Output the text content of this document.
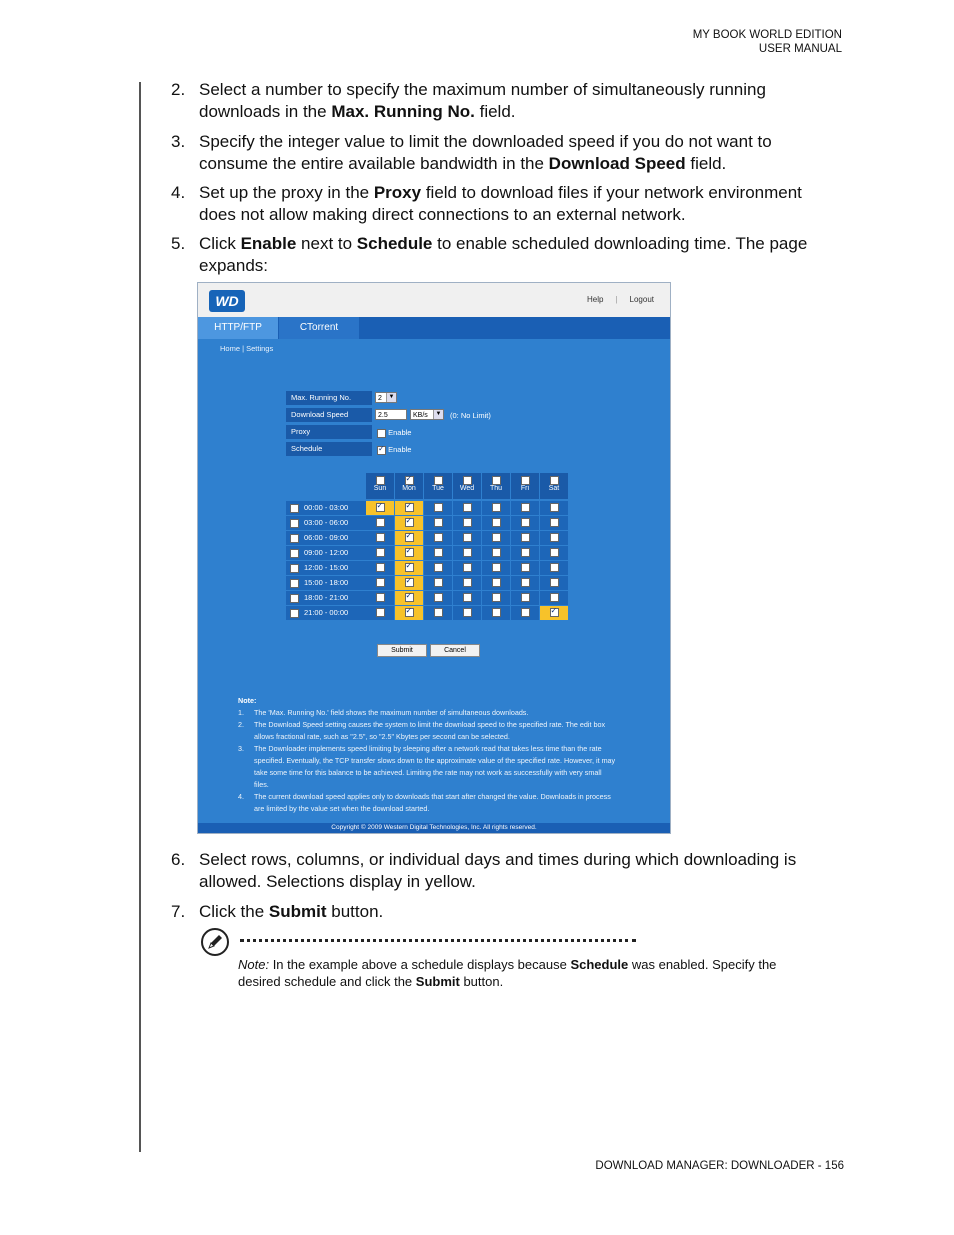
MY BOOK WORLD EDITION
USER MANUAL
2. Select a number to specify the maximum number of simultaneously running downloads in the Max. Running No. field.
3. Specify the integer value to limit the downloaded speed if you do not want to consume the entire available bandwidth in the Download Speed field.
4. Set up the proxy in the Proxy field to download files if your network environment does not allow making direct connections to an external network.
5. Click Enable next to Schedule to enable scheduled downloading time. The page expands:
WD	Help | Logout
HTTP/FTP	CTorrent
Home | Settings
Max. Running No.	2	▼
Download Speed	2.5	KB/s	▼ (0: No Limit)
Proxy	Enable
Schedule
✓	Enable
Sun
✓	Mon	Tue	Wed	Thu	Fri	Sat
00:00 - 03:00
✓
✓
03:00 - 06:00
✓
06:00 - 09:00
✓
09:00 - 12:00
✓
12:00 - 15:00
✓
15:00 - 18:00
✓
18:00 - 21:00
✓
21:00 - 00:00
✓
✓
Submit	Cancel
Note:
1. The 'Max. Running No.' field shows the maximum number of simultaneous downloads.
2. The Download Speed setting causes the system to limit the download speed to the specified rate. The edit box allows fractional rate, such as "2.5", so "2.5" Kbytes per second can be selected.
3. The Downloader implements speed limiting by sleeping after a network read that takes less time than the rate specified. Eventually, the TCP transfer slows down to the approximate value of the specified rate. However, it may take some time for this balance to be achieved. Limiting the rate may not work as successfully with very small files.
4. The current download speed applies only to downloads that start after changed the value. Downloads in process are limited by the value set when the download started.
Copyright © 2009 Western Digital Technologies, Inc. All rights reserved.
6. Select rows, columns, or individual days and times during which downloading is allowed. Selections display in yellow.
7. Click the Submit button.
Note: In the example above a schedule displays because Schedule was enabled. Specify the desired schedule and click the Submit button.
DOWNLOAD MANAGER: DOWNLOADER - 156
